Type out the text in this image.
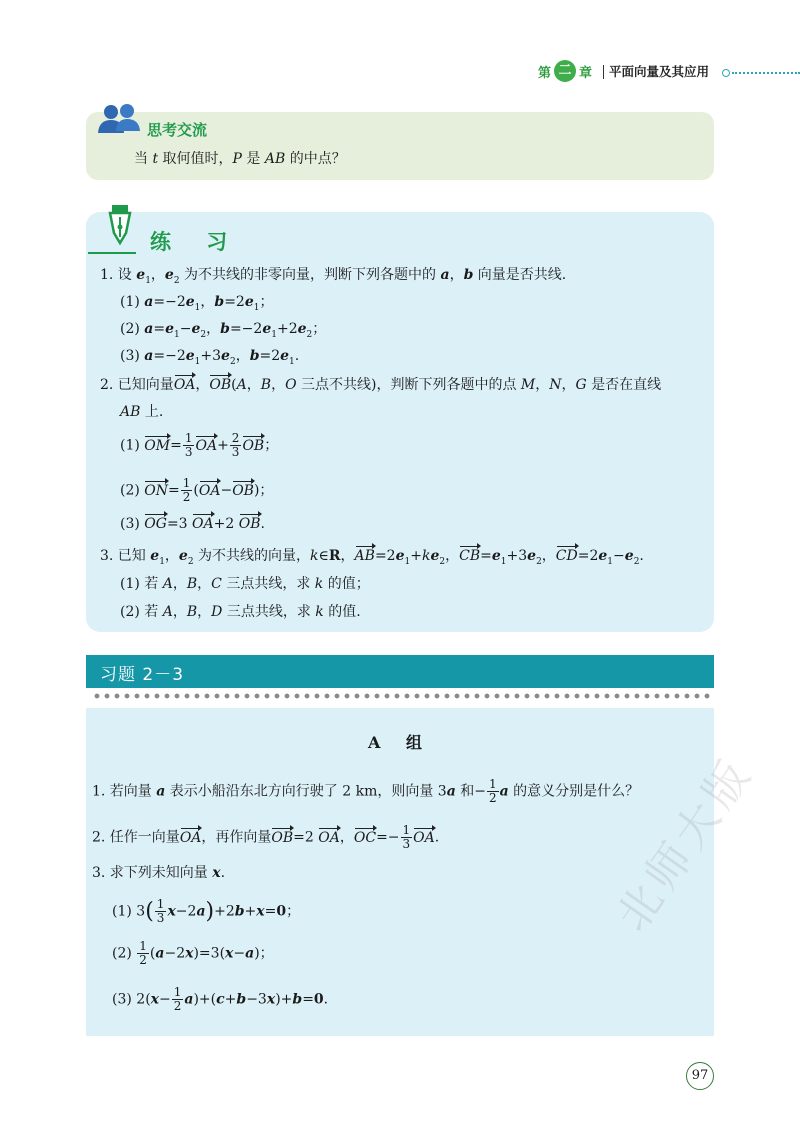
第 二 章 平面向量及其应用
思考交流
当 t 取何值时，P 是 AB 的中点？
练 习
1. 设 $e_1$，$e_2$ 为不共线的非零向量，判断下列各题中的 a，b 向量是否共线.
(1) $a=-2e_1$，$b=2e_1$；
(2) $a=e_1-e_2$，$b=-2e_1+2e_2$；
(3) $a=-2e_1+3e_2$，$b=2e_1$.
2. 已知向量OA，OB(A，B，O 三点不共线)，判断下列各题中的点 M，N，G 是否在直线
AB 上.
(1) $OM= \frac{1}{3} OA+ \frac{2}{3}$ OB；
(2) $ON= \frac{1}{2} (OA-OB)$；
(3) OG=3 OA+2 OB.
3. 已知 $e_1$，$e_2$ 为不共线的向量，k∈R，$AB=2e_1+ke_2$，$CB=e_1+3e_2$，$CD=2e_1-e_2$.
(1) 若 A，B，C 三点共线，求 k 的值；
(2) 若 A，B，D 三点共线，求 k 的值.
习题 2－3
A 组
1. 若向量 a 表示小船沿东北方向行驶了 2 km，则向量 3a 和− $\frac{1}{2}$ a 的意义分别是什么？
2. 任作一向量OA，再作向量OB=2 OA，$OC=- \frac{1}{3}$ OA.
3. 求下列未知向量 x.
(1) $3( \frac{1}{3} x-2a)+2b+x=0$；
$(2) \frac{1}{2} (a-2x)=3(x-a)$；
(3) $2(x- \frac{1}{2} a)+(c+b-3x)+b=0$.
北师大版
97
